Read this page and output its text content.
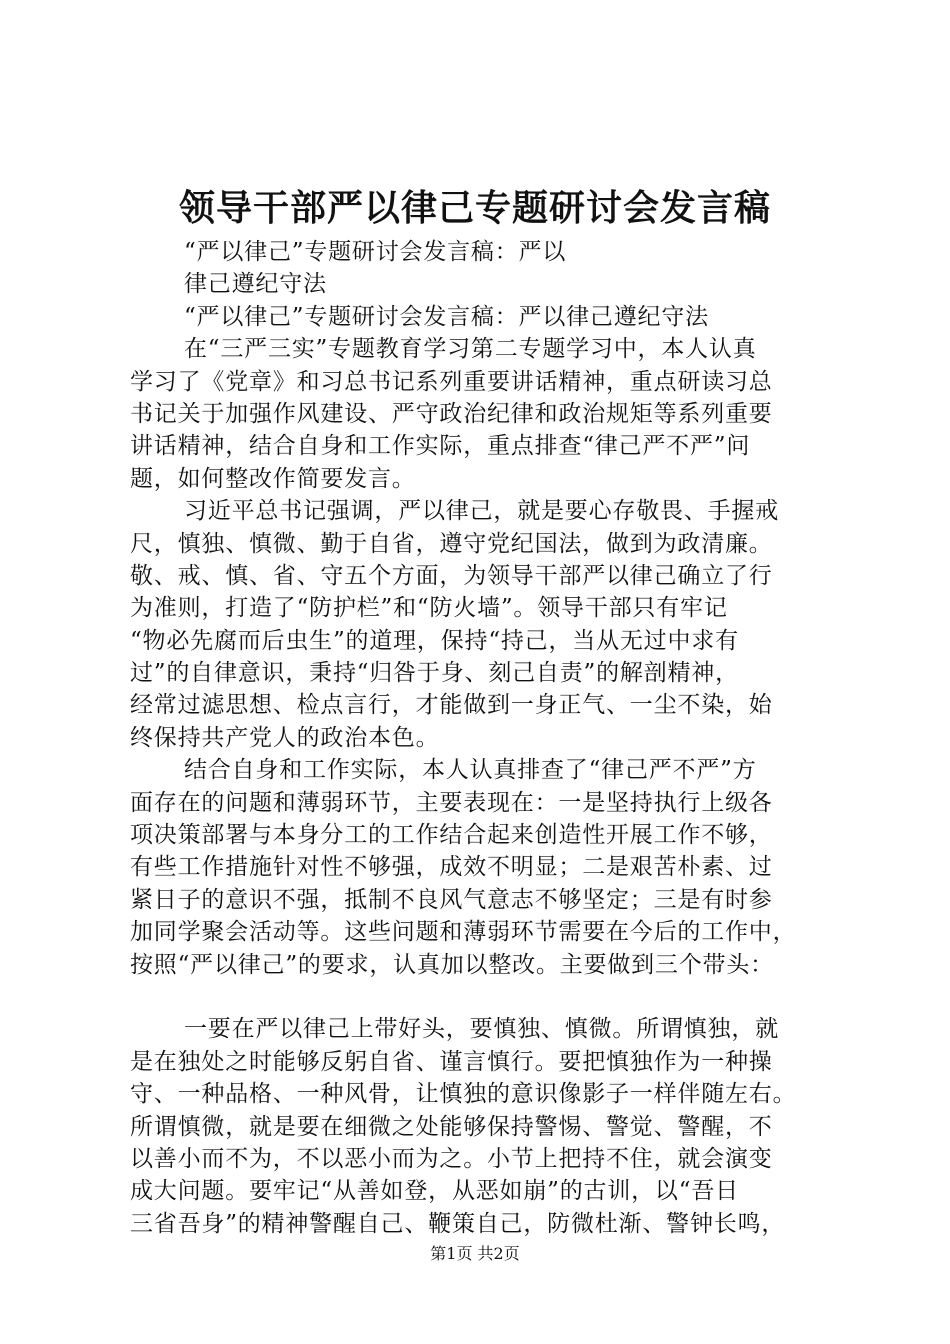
领导干部严以律己专题研讨会发言稿
“严以律己”专题研讨会发言稿：严以
律己遵纪守法
“严以律己”专题研讨会发言稿：严以律己遵纪守法
在“三严三实”专题教育学习第二专题学习中，本人认真
学习了《党章》和习总书记系列重要讲话精神，重点研读习总
书记关于加强作风建设、严守政治纪律和政治规矩等系列重要
讲话精神，结合自身和工作实际，重点排查“律己严不严”问
题，如何整改作简要发言。
习近平总书记强调，严以律己，就是要心存敬畏、手握戒
尺，慎独、慎微、勤于自省，遵守党纪国法，做到为政清廉。
敬、戒、慎、省、守五个方面，为领导干部严以律己确立了行
为准则，打造了“防护栏”和“防火墙”。领导干部只有牢记
“物必先腐而后虫生”的道理，保持“持己，当从无过中求有
过”的自律意识，秉持“归咎于身、刻己自责”的解剖精神，
经常过滤思想、检点言行，才能做到一身正气、一尘不染，始
终保持共产党人的政治本色。
结合自身和工作实际，本人认真排查了“律己严不严”方
面存在的问题和薄弱环节，主要表现在：一是坚持执行上级各
项决策部署与本身分工的工作结合起来创造性开展工作不够，
有些工作措施针对性不够强，成效不明显；二是艰苦朴素、过
紧日子的意识不强，抵制不良风气意志不够坚定；三是有时参
加同学聚会活动等。这些问题和薄弱环节需要在今后的工作中，
按照“严以律己”的要求，认真加以整改。主要做到三个带头：
一要在严以律己上带好头，要慎独、慎微。所谓慎独，就
是在独处之时能够反躬自省、谨言慎行。要把慎独作为一种操
守、一种品格、一种风骨，让慎独的意识像影子一样伴随左右。
所谓慎微，就是要在细微之处能够保持警惕、警觉、警醒，不
以善小而不为，不以恶小而为之。小节上把持不住，就会演变
成大问题。要牢记“从善如登，从恶如崩”的古训，以“吾日
三省吾身”的精神警醒自己、鞭策自己，防微杜渐、警钟长鸣，
第1页 共2页
